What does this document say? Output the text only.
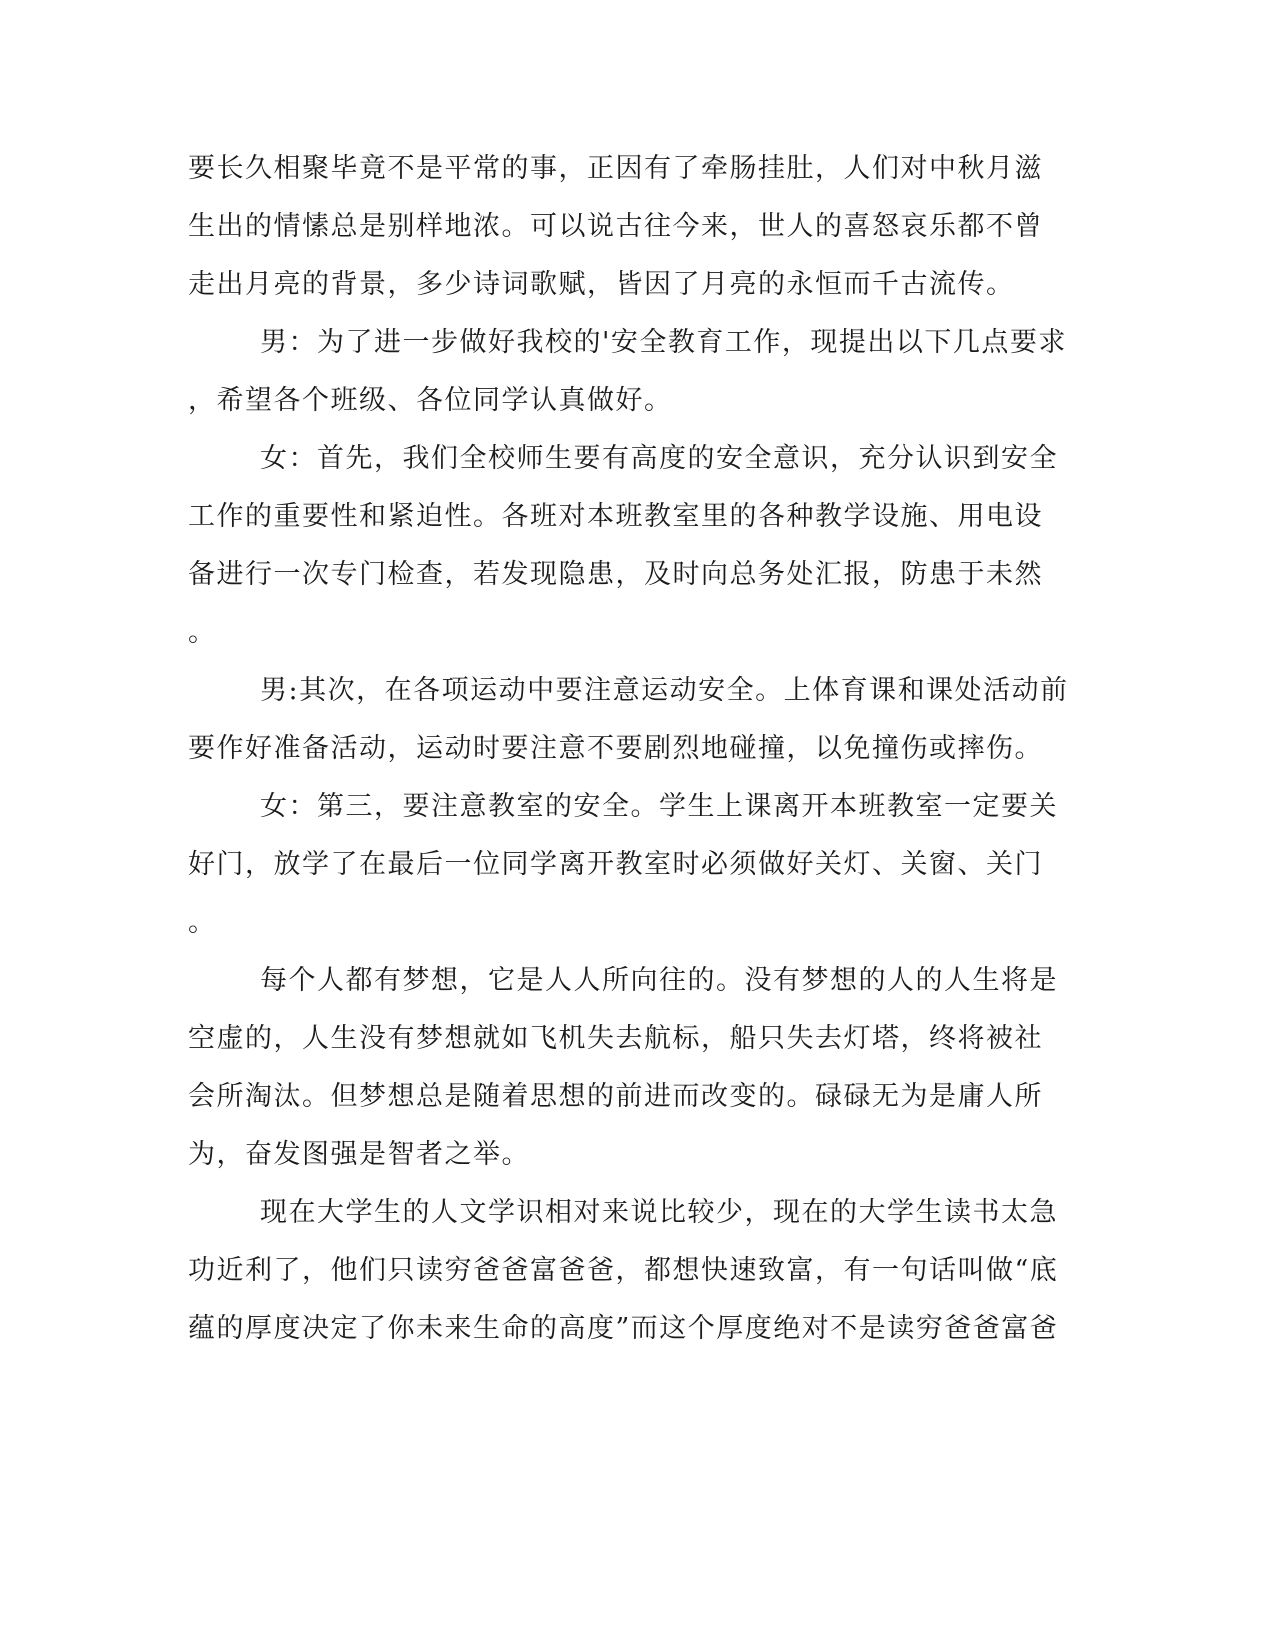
要长久相聚毕竟不是平常的事，正因有了牵肠挂肚，人们对中秋月滋
生出的情愫总是别样地浓。可以说古往今来，世人的喜怒哀乐都不曾
走出月亮的背景，多少诗词歌赋，皆因了月亮的永恒而千古流传。
男：为了进一步做好我校的'安全教育工作，现提出以下几点要求
，希望各个班级、各位同学认真做好。
女：首先，我们全校师生要有高度的安全意识，充分认识到安全
工作的重要性和紧迫性。各班对本班教室里的各种教学设施、用电设
备进行一次专门检查，若发现隐患，及时向总务处汇报，防患于未然
。
男:其次，在各项运动中要注意运动安全。上体育课和课处活动前
要作好准备活动，运动时要注意不要剧烈地碰撞，以免撞伤或摔伤。
女：第三，要注意教室的安全。学生上课离开本班教室一定要关
好门，放学了在最后一位同学离开教室时必须做好关灯、关窗、关门
。
每个人都有梦想，它是人人所向往的。没有梦想的人的人生将是
空虚的，人生没有梦想就如飞机失去航标，船只失去灯塔，终将被社
会所淘汰。但梦想总是随着思想的前进而改变的。碌碌无为是庸人所
为，奋发图强是智者之举。
现在大学生的人文学识相对来说比较少，现在的大学生读书太急
功近利了，他们只读穷爸爸富爸爸，都想快速致富，有一句话叫做“底
蕴的厚度决定了你未来生命的高度”而这个厚度绝对不是读穷爸爸富爸
